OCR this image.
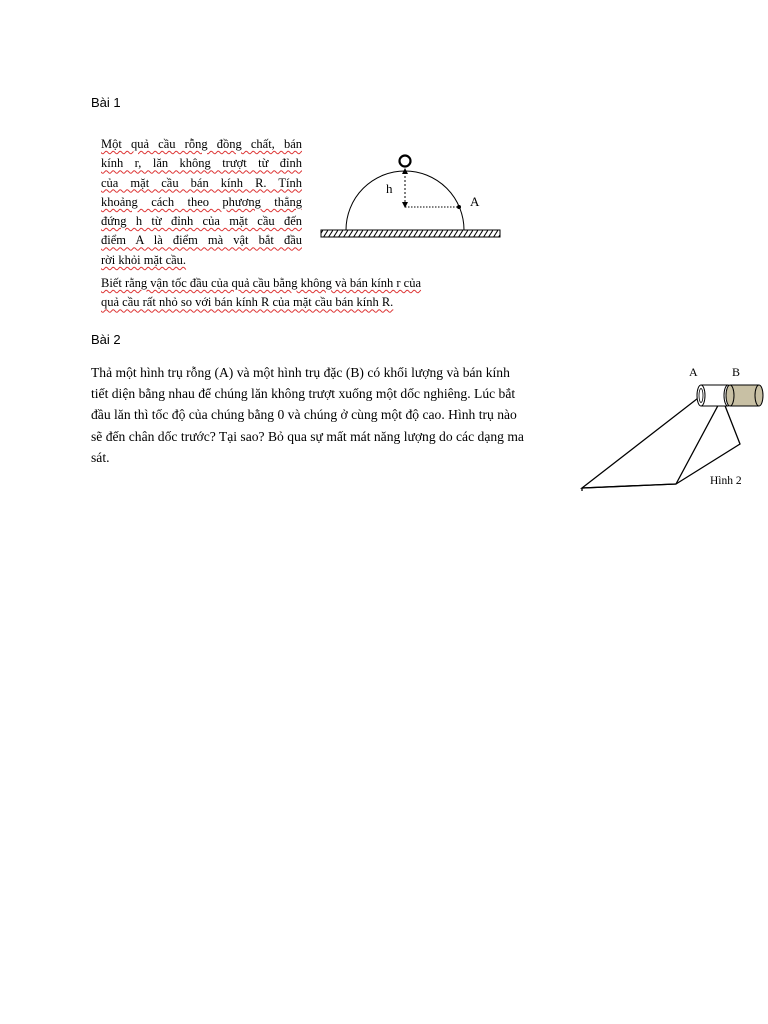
Bài 1
Một quả cầu rỗng đồng chất, bán
kính r, lăn không trượt từ đỉnh
của mặt cầu bán kính R. Tính
khoảng cách theo phương thẳng
đứng h từ đỉnh của mặt cầu đến
điểm A là điểm mà vật bắt đầu
rời khỏi mặt cầu.
Biết rằng vận tốc đầu của quả cầu bằng không và bán kính r của
quả cầu rất nhỏ so với bán kính R của mặt cầu bán kính R.
h
A
Bài 2
Thả một hình trụ rỗng (A) và một hình trụ đặc (B) có khối lượng và bán kính
tiết diện bằng nhau để chúng lăn không trượt xuống một dốc nghiêng. Lúc bắt
đầu lăn thì tốc độ của chúng bằng 0 và chúng ở cùng một độ cao. Hình trụ nào
sẽ đến chân dốc trước? Tại sao? Bỏ qua sự mất mát năng lượng do các dạng ma
sát.
A	B
Hình 2
